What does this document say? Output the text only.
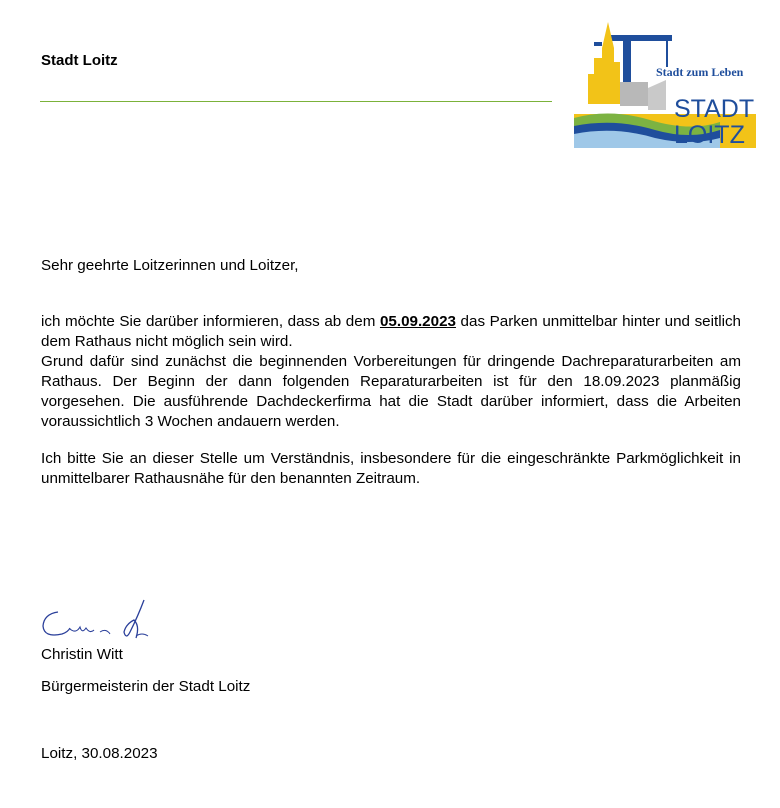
Stadt Loitz
Stadt zum Leben
STADT
LOITZ
Sehr geehrte Loitzerinnen und Loitzer,
ich möchte Sie darüber informieren, dass ab dem 05.09.2023 das Parken unmittelbar hinter und seitlich dem Rathaus nicht möglich sein wird.
Grund dafür sind zunächst die beginnenden Vorbereitungen für dringende Dachreparaturarbeiten am Rathaus. Der Beginn der dann folgenden Reparaturarbeiten ist für den 18.09.2023 planmäßig vorgesehen. Die ausführende Dachdeckerfirma hat die Stadt darüber informiert, dass die Arbeiten voraussichtlich 3 Wochen andauern werden.
Ich bitte Sie an dieser Stelle um Verständnis, insbesondere für die eingeschränkte Parkmöglichkeit in unmittelbarer Rathausnähe für den benannten Zeitraum.
Christin Witt
Bürgermeisterin der Stadt Loitz
Loitz, 30.08.2023
